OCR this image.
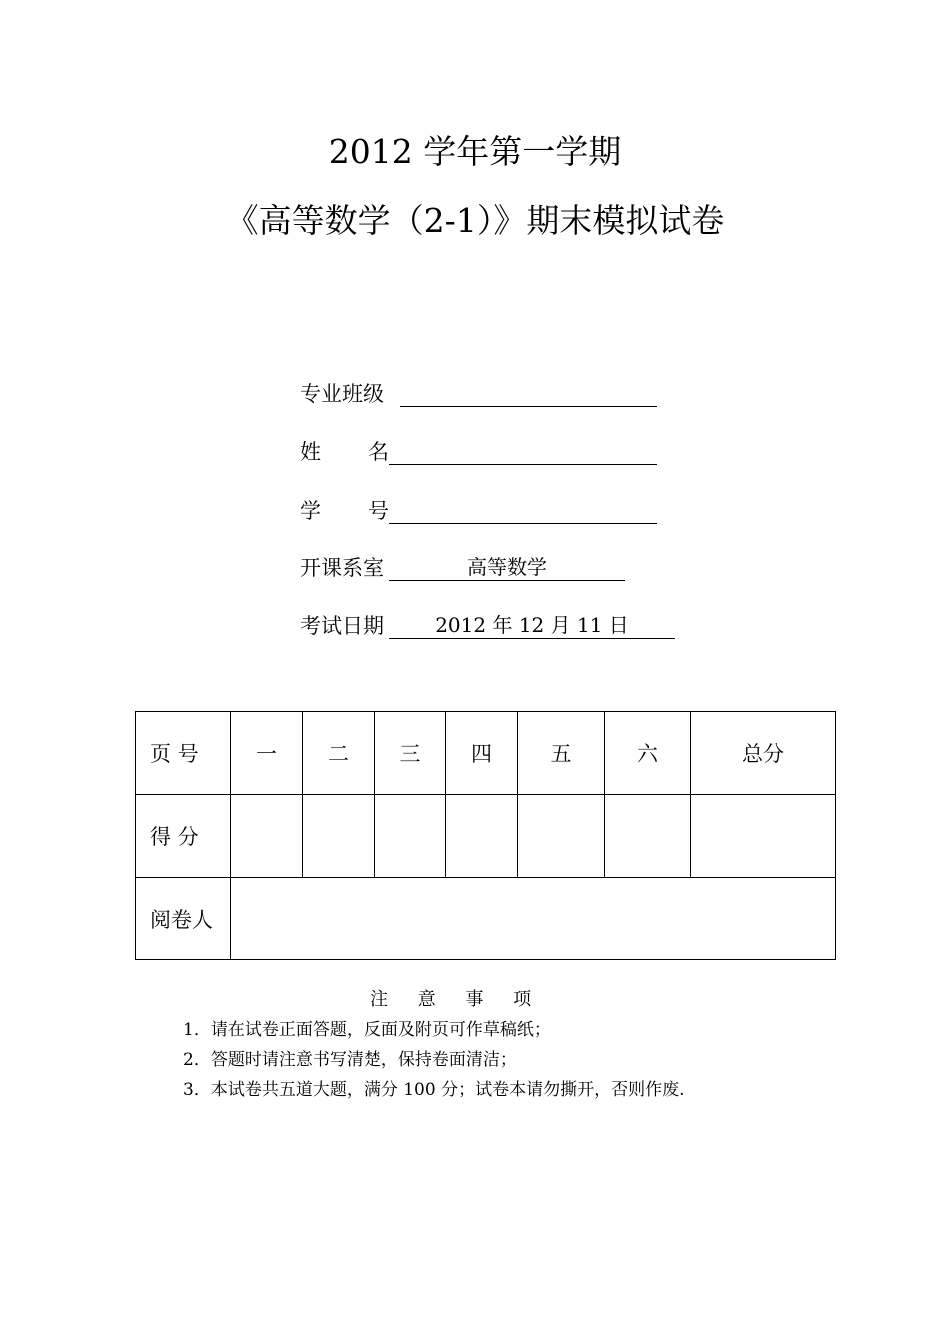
2012 学年第一学期
《高等数学（2-1）》期末模拟试卷
专业班级
姓 名
学 号
开课系室	高等数学
考试日期	2012 年 12 月 11 日
页 号	一	二	三	四	五	六	总分
得 分							
阅卷人							
注 意 事 项
1．请在试卷正面答题，反面及附页可作草稿纸；
2．答题时请注意书写清楚，保持卷面清洁；
3．本试卷共五道大题，满分 100 分；试卷本请勿撕开，否则作废.
